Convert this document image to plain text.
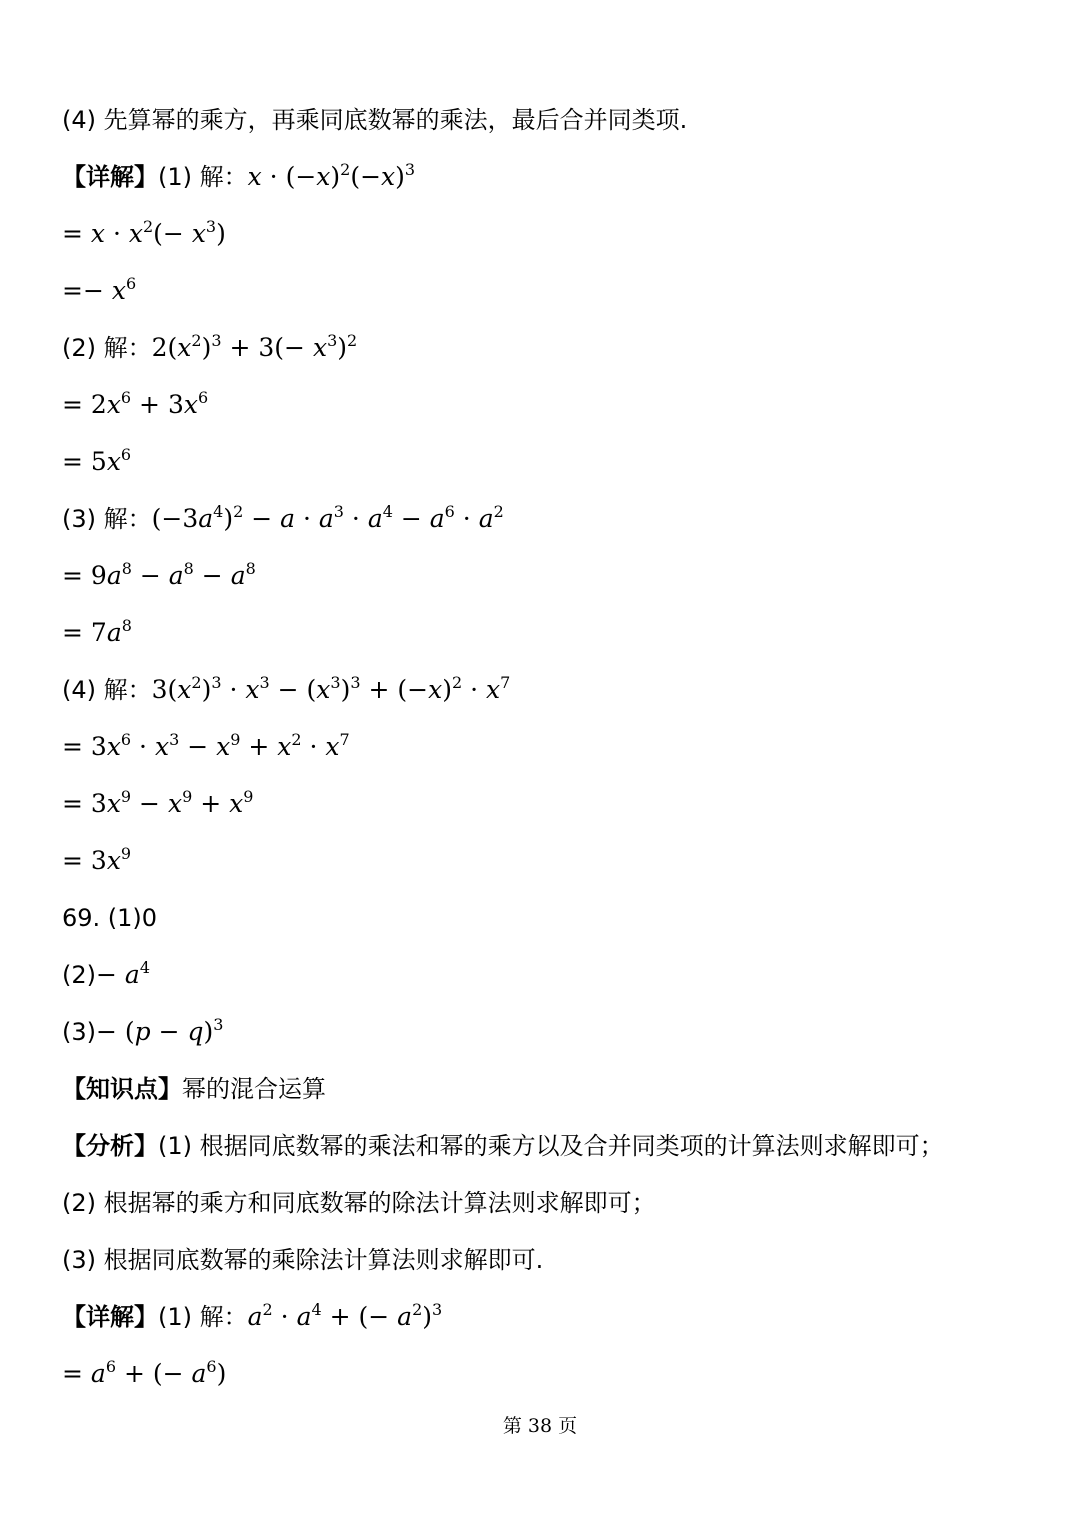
(4) 先算幂的乘方，再乘同底数幂的乘法，最后合并同类项.
【详解】(1) 解：$x \cdot (-x)^2(-x)^3$
= $x \cdot x^2(- x^3)$
=− $x^6$
(2) 解：$2(x^2)^3 + 3(- x^3)^2$
= $2x^6 + 3x^6$
= $5x^6$
(3) 解：$(-3a^4)^2 - a \cdot a^3 \cdot a^4 - a^6 \cdot a^2$
= $9a^8 - a^8 - a^8$
= $7a^8$
(4) 解：$3(x^2)^3 \cdot x^3 - (x^3)^3 + (-x)^2 \cdot x^7$
= $3x^6 \cdot x^3 - x^9 + x^2 \cdot x^7$
= $3x^9 - x^9 + x^9$
= $3x^9$
69. (1)0
$(2)- a^4$
$(3)- (p - q)^3$
【知识点】幂的混合运算
【分析】(1) 根据同底数幂的乘法和幂的乘方以及合并同类项的计算法则求解即可；
(2) 根据幂的乘方和同底数幂的除法计算法则求解即可；
(3) 根据同底数幂的乘除法计算法则求解即可.
【详解】(1) 解：$a^2 \cdot a^4$ + (− $a^2)^3$
= $a^6$ + (− $a^6$)
第 38 页
